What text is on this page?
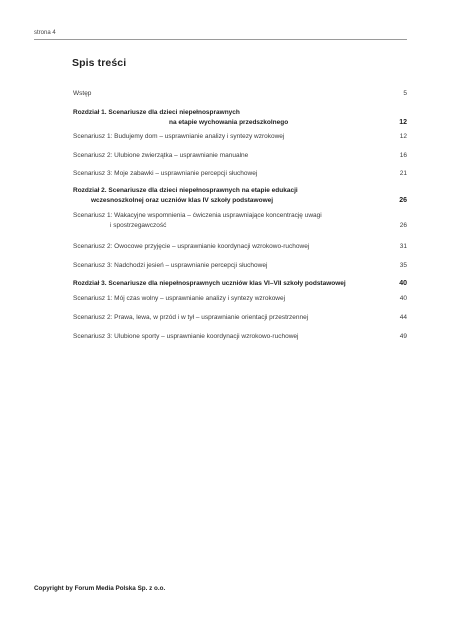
strona 4
Spis treści
Wstęp	5
Rozdział 1. Scenariusze dla dzieci niepełnosprawnych
na etapie wychowania przedszkolnego	12
Scenariusz 1: Budujemy dom – usprawnianie analizy i syntezy wzrokowej	12
Scenariusz 2: Ulubione zwierzątka – usprawnianie manualne	16
Scenariusz 3: Moje zabawki – usprawnianie percepcji słuchowej	21
Rozdział 2. Scenariusze dla dzieci niepełnosprawnych na etapie edukacji
wczesnoszkolnej oraz uczniów klas IV szkoły podstawowej	26
Scenariusz 1: Wakacyjne wspomnienia – ćwiczenia usprawniające koncentrację uwagi
i spostrzegawczość	26
Scenariusz 2: Owocowe przyjęcie – usprawnianie koordynacji wzrokowo-ruchowej	31
Scenariusz 3: Nadchodzi jesień – usprawnianie percepcji słuchowej	35
Rozdział 3. Scenariusze dla niepełnosprawnych uczniów klas VI–VII szkoły podstawowej	40
Scenariusz 1: Mój czas wolny – usprawnianie analizy i syntezy wzrokowej	40
Scenariusz 2: Prawa, lewa, w przód i w tył – usprawnianie orientacji przestrzennej	44
Scenariusz 3: Ulubione sporty – usprawnianie koordynacji wzrokowo-ruchowej	49
Copyright by Forum Media Polska Sp. z o.o.
